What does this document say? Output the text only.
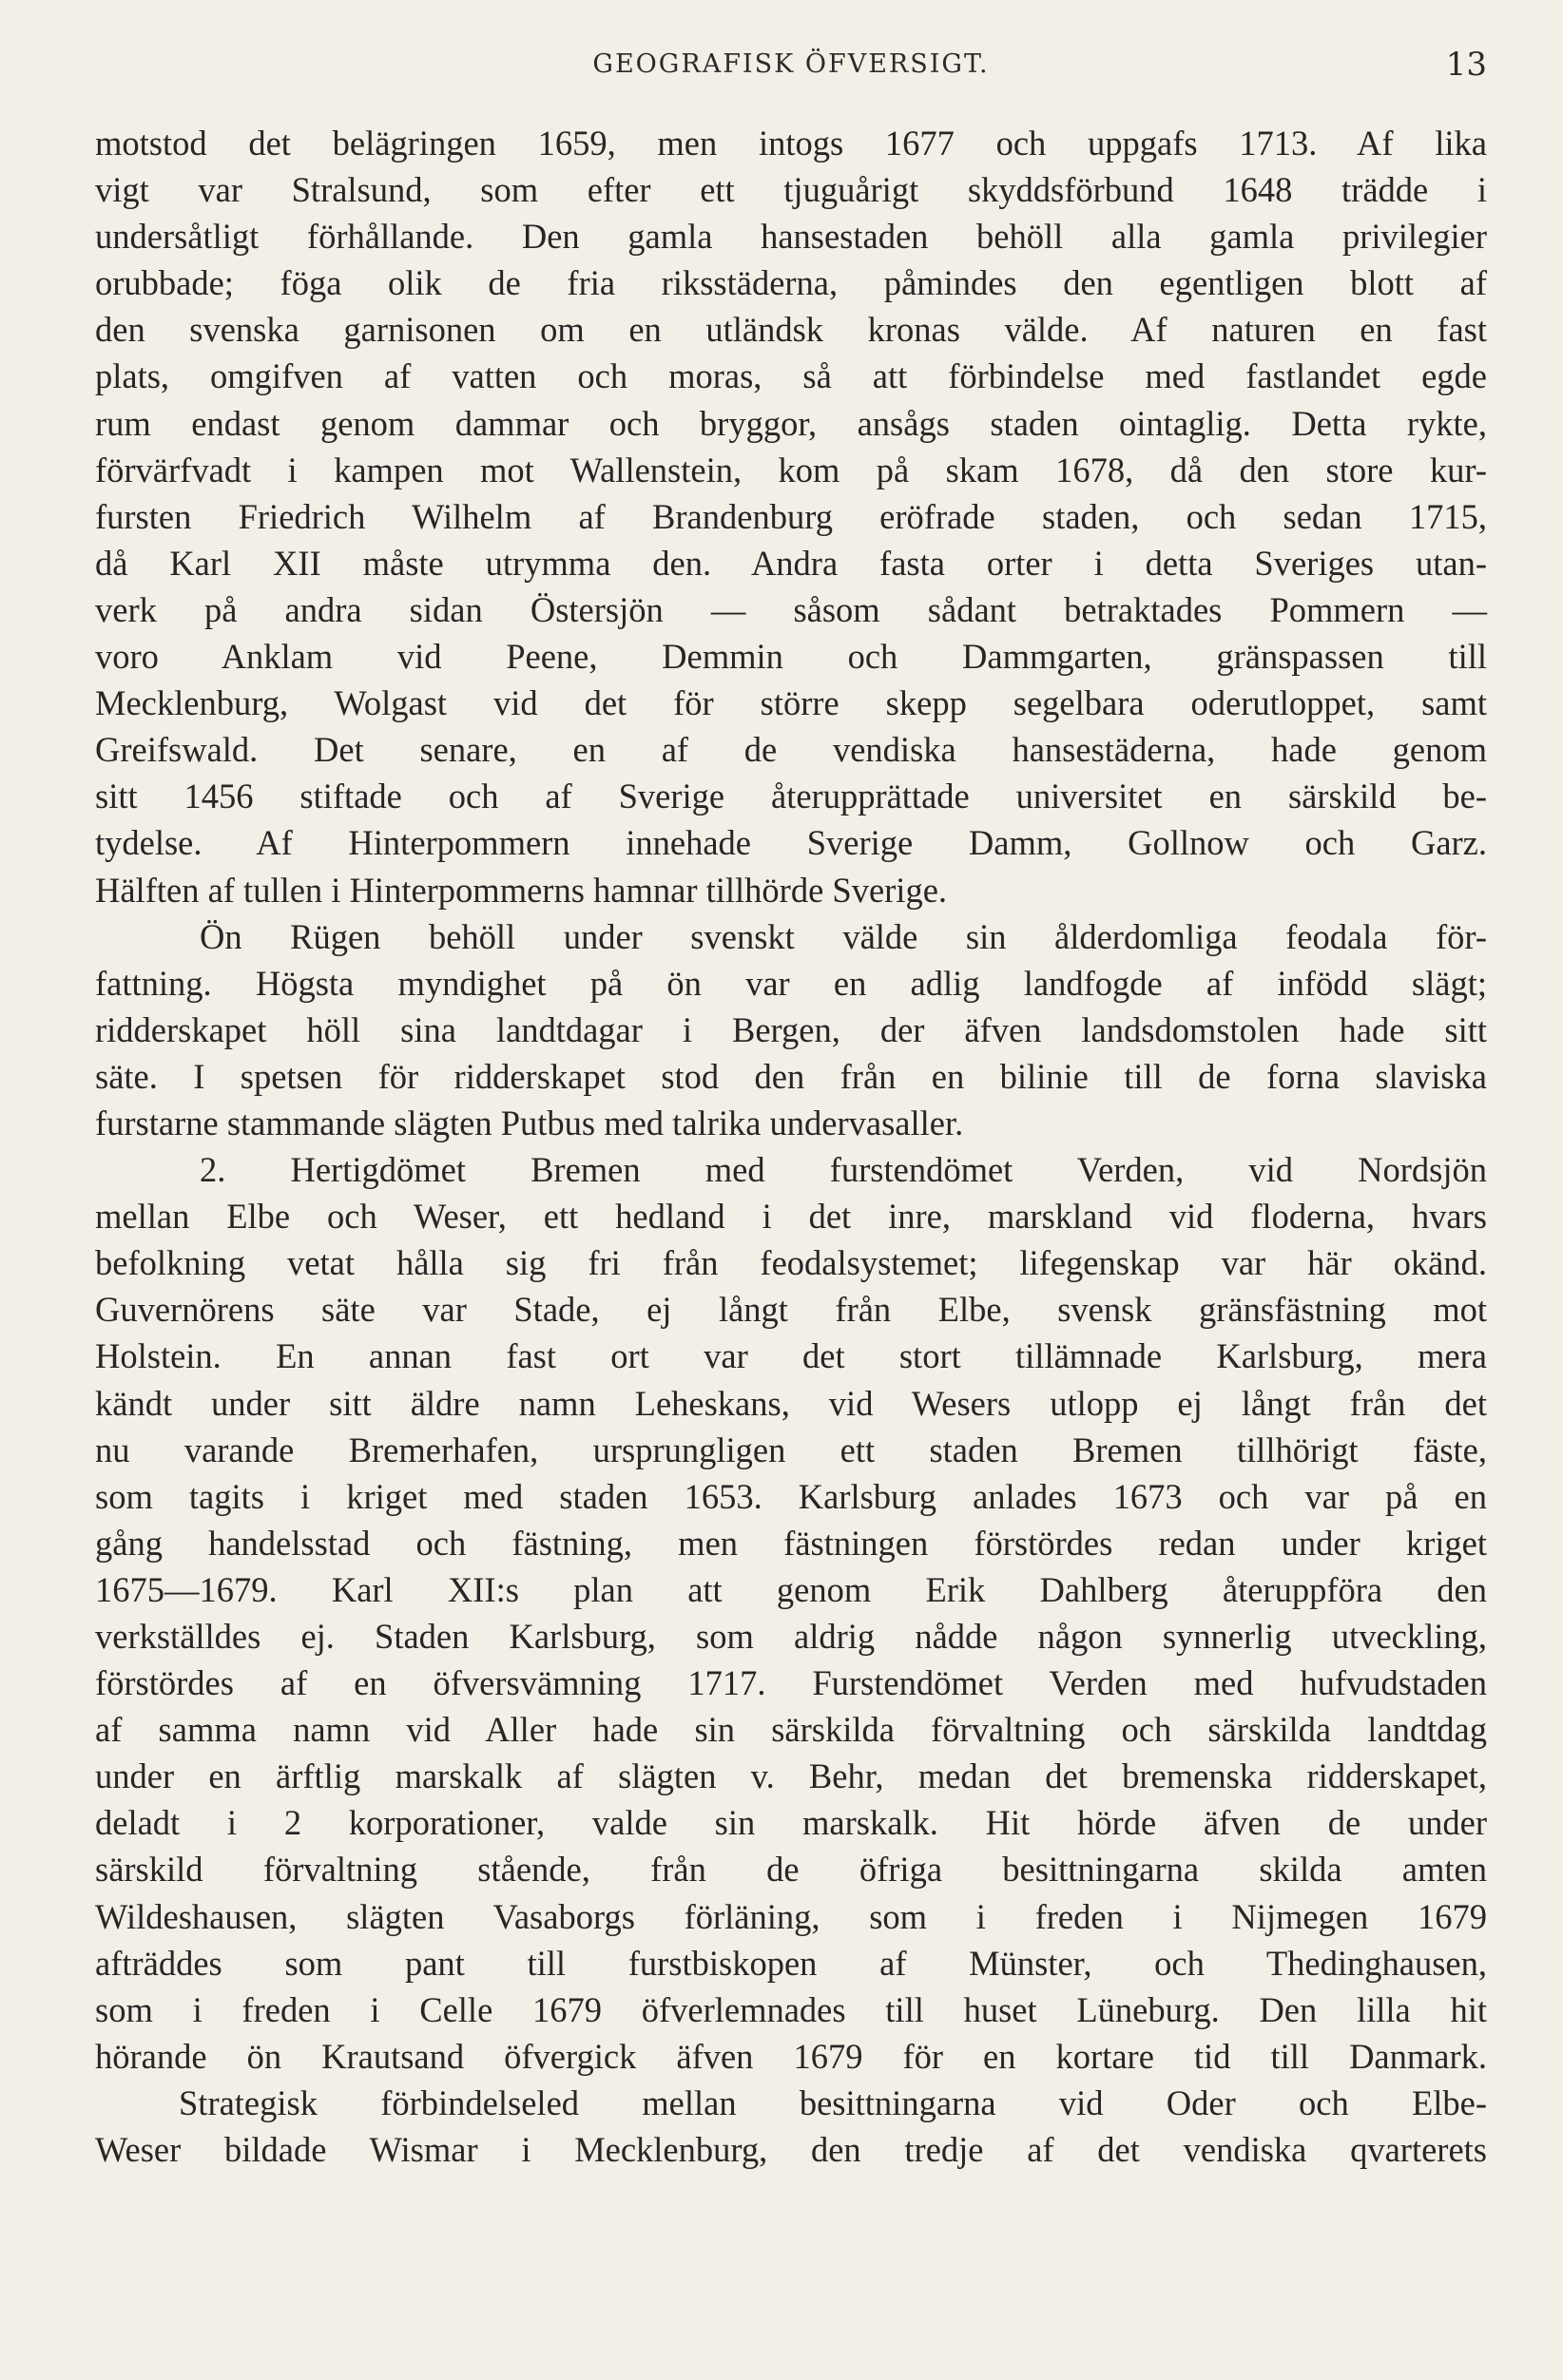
GEOGRAFISK ÖFVERSIGT.	13
motstod det belägringen 1659, men intogs 1677 och uppgafs 1713. Af lika
vigt var Stralsund, som efter ett tjuguårigt skyddsförbund 1648 trädde i
undersåtligt förhållande. Den gamla hansestaden behöll alla gamla privilegier
orubbade; föga olik de fria riksstäderna, påmindes den egentligen blott af
den svenska garnisonen om en utländsk kronas välde. Af naturen en fast
plats, omgifven af vatten och moras, så att förbindelse med fastlandet egde
rum endast genom dammar och bryggor, ansågs staden ointaglig. Detta rykte,
förvärfvadt i kampen mot Wallenstein, kom på skam 1678, då den store kur-
fursten Friedrich Wilhelm af Brandenburg eröfrade staden, och sedan 1715,
då Karl XII måste utrymma den. Andra fasta orter i detta Sveriges utan-
verk på andra sidan Östersjön — såsom sådant betraktades Pommern —
voro Anklam vid Peene, Demmin och Dammgarten, gränspassen till
Mecklenburg, Wolgast vid det för större skepp segelbara oderutloppet, samt
Greifswald. Det senare, en af de vendiska hansestäderna, hade genom
sitt 1456 stiftade och af Sverige återupprättade universitet en särskild be-
tydelse. Af Hinterpommern innehade Sverige Damm, Gollnow och Garz.
Hälften af tullen i Hinterpommerns hamnar tillhörde Sverige.
Ön Rügen behöll under svenskt välde sin ålderdomliga feodala för-
fattning. Högsta myndighet på ön var en adlig landfogde af infödd slägt;
ridderskapet höll sina landtdagar i Bergen, der äfven landsdomstolen hade sitt
säte. I spetsen för ridderskapet stod den från en bilinie till de forna slaviska
furstarne stammande slägten Putbus med talrika undervasaller.
2. Hertigdömet Bremen med furstendömet Verden, vid Nordsjön
mellan Elbe och Weser, ett hedland i det inre, marskland vid floderna, hvars
befolkning vetat hålla sig fri från feodalsystemet; lifegenskap var här okänd.
Guvernörens säte var Stade, ej långt från Elbe, svensk gränsfästning mot
Holstein. En annan fast ort var det stort tillämnade Karlsburg, mera
kändt under sitt äldre namn Leheskans, vid Wesers utlopp ej långt från det
nu varande Bremerhafen, ursprungligen ett staden Bremen tillhörigt fäste,
som tagits i kriget med staden 1653. Karlsburg anlades 1673 och var på en
gång handelsstad och fästning, men fästningen förstördes redan under kriget
1675—1679. Karl XII:s plan att genom Erik Dahlberg återuppföra den
verkställdes ej. Staden Karlsburg, som aldrig nådde någon synnerlig utveckling,
förstördes af en öfversvämning 1717. Furstendömet Verden med hufvudstaden
af samma namn vid Aller hade sin särskilda förvaltning och särskilda landtdag
under en ärftlig marskalk af slägten v. Behr, medan det bremenska ridderskapet,
deladt i 2 korporationer, valde sin marskalk. Hit hörde äfven de under
särskild förvaltning stående, från de öfriga besittningarna skilda amten
Wildeshausen, slägten Vasaborgs förläning, som i freden i Nijmegen 1679
afträddes som pant till furstbiskopen af Münster, och Thedinghausen,
som i freden i Celle 1679 öfverlemnades till huset Lüneburg. Den lilla hit
hörande ön Krautsand öfvergick äfven 1679 för en kortare tid till Danmark.
Strategisk förbindelseled mellan besittningarna vid Oder och Elbe-
Weser bildade Wismar i Mecklenburg, den tredje af det vendiska qvarterets
